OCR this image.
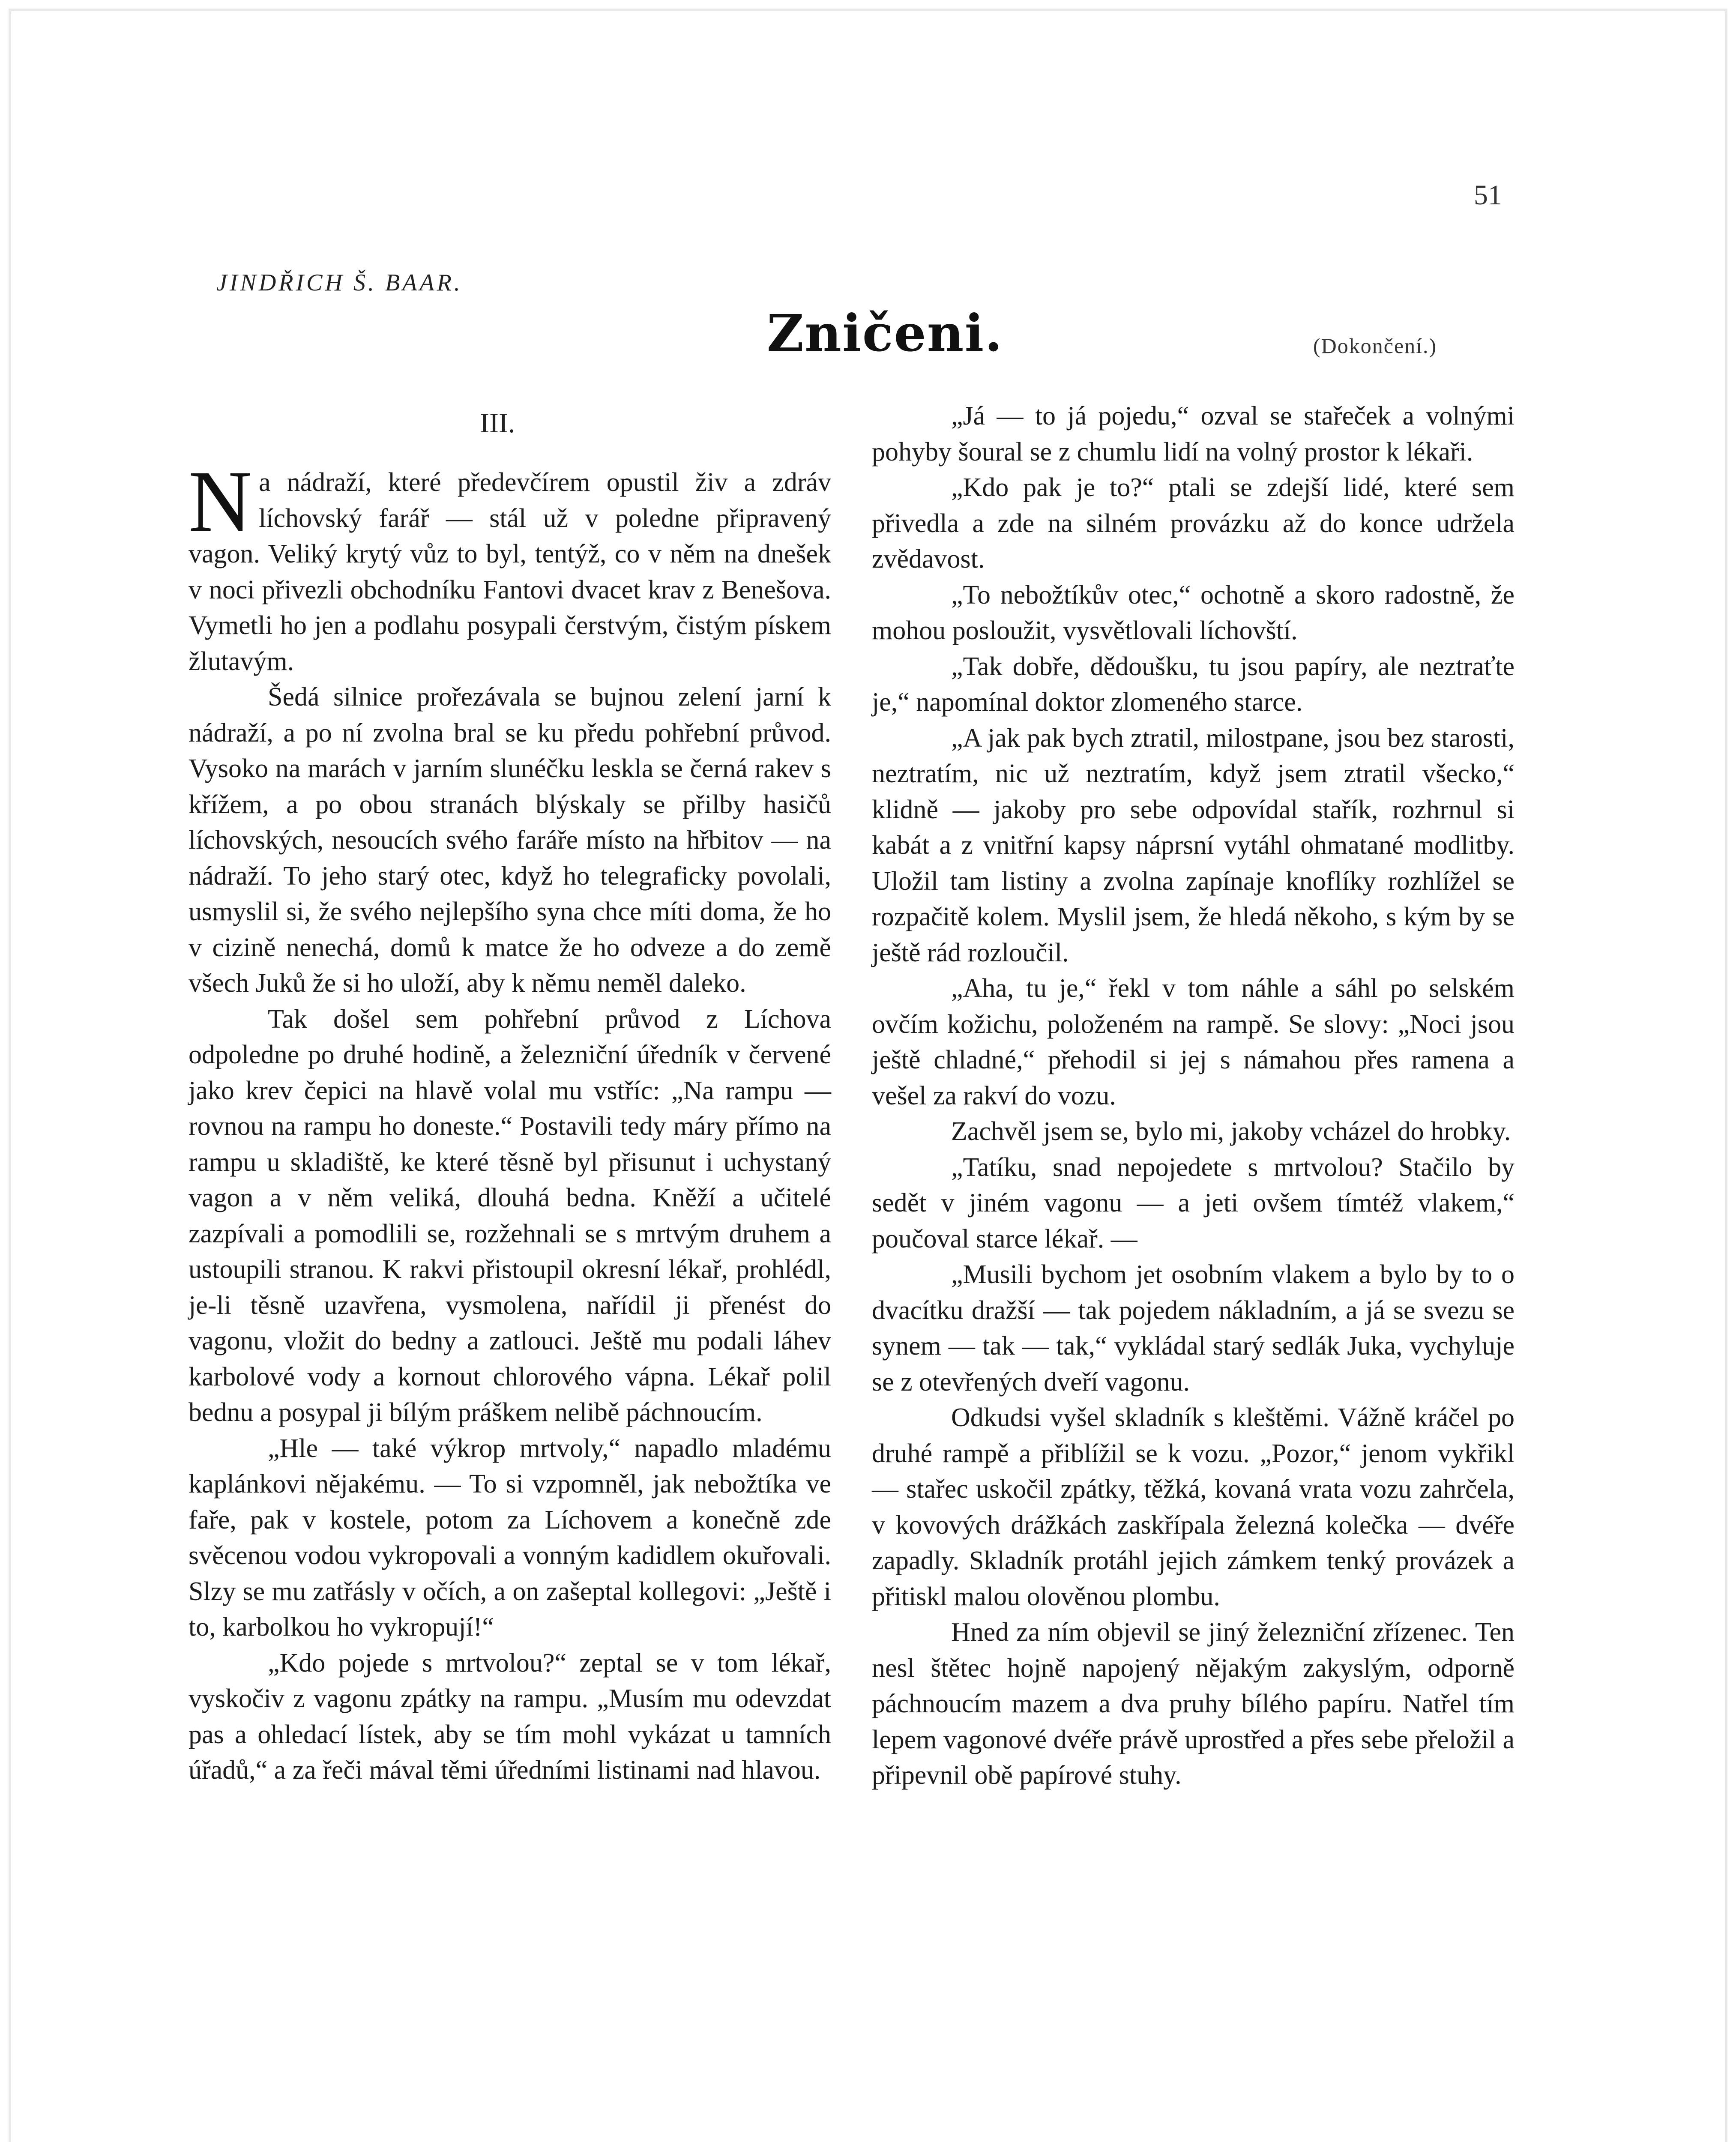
51
JINDŘICH Š. BAAR.
Zničeni.	(Dokončení.)
III.

Na nádraží, které předevčírem opustil živ a zdráv líchovský farář — stál už v poledne připravený vagon. Veliký krytý vůz to byl, tentýž, co v něm na dnešek v noci přivezli obchodníku Fantovi dvacet krav z Benešova. Vymetli ho jen a podlahu posypali čerstvým, čistým pískem žlutavým.

Šedá silnice prořezávala se bujnou zelení jarní k nádraží, a po ní zvolna bral se ku předu pohřební průvod. Vysoko na marách v jarním slunéčku leskla se černá rakev s křížem, a po obou stranách blýskaly se přilby hasičů líchovských, nesoucích svého faráře místo na hřbitov — na nádraží. To jeho starý otec, když ho telegraficky povolali, usmyslil si, že svého nejlepšího syna chce míti doma, že ho v cizině nenechá, domů k matce že ho odveze a do země všech Juků že si ho uloží, aby k němu neměl daleko.

Tak došel sem pohřební průvod z Líchova odpoledne po druhé hodině, a železniční úředník v červené jako krev čepici na hlavě volal mu vstříc: „Na rampu — rovnou na rampu ho doneste.“ Postavili tedy máry přímo na rampu u skladiště, ke které těsně byl přisunut i uchystaný vagon a v něm veliká, dlouhá bedna. Kněží a učitelé zazpívali a pomodlili se, rozžehnali se s mrtvým druhem a ustoupili stranou. K rakvi přistoupil okresní lékař, prohlédl, je-li těsně uzavřena, vysmolena, nařídil ji přenést do vagonu, vložit do bedny a zatlouci. Ještě mu podali láhev karbolové vody a kornout chlorového vápna. Lékař polil bednu a posypal ji bílým práškem nelibě páchnoucím.

„Hle — také výkrop mrtvoly,“ napadlo mladému kaplánkovi nějakému. — To si vzpomněl, jak nebožtíka ve faře, pak v kostele, potom za Líchovem a konečně zde svěcenou vodou vykropovali a vonným kadidlem okuřovali. Slzy se mu zatřásly v očích, a on zašeptal kollegovi: „Ještě i to, karbolkou ho vykropují!“

„Kdo pojede s mrtvolou?“ zeptal se v tom lékař, vyskočiv z vagonu zpátky na rampu. „Musím mu odevzdat pas a ohledací lístek, aby se tím mohl vykázat u tamních úřadů,“ a za řeči mával těmi úředními listinami nad hlavou.

„Já — to já pojedu,“ ozval se stařeček a volnými pohyby šoural se z chumlu lidí na volný prostor k lékaři.

„Kdo pak je to?“ ptali se zdejší lidé, které sem přivedla a zde na silném provázku až do konce udržela zvědavost.

„To nebožtíkův otec,“ ochotně a skoro radostně, že mohou posloužit, vysvětlovali líchovští.

„Tak dobře, dědoušku, tu jsou papíry, ale neztraťte je,“ napomínal doktor zlomeného starce.

„A jak pak bych ztratil, milostpane, jsou bez starosti, neztratím, nic už neztratím, když jsem ztratil všecko,“ klidně — jakoby pro sebe odpovídal stařík, rozhrnul si kabát a z vnitřní kapsy náprsní vytáhl ohmatané modlitby. Uložil tam listiny a zvolna zapínaje knoflíky rozhlížel se rozpačitě kolem. Myslil jsem, že hledá někoho, s kým by se ještě rád rozloučil.

„Aha, tu je,“ řekl v tom náhle a sáhl po selském ovčím kožichu, položeném na rampě. Se slovy: „Noci jsou ještě chladné,“ přehodil si jej s námahou přes ramena a vešel za rakví do vozu.

Zachvěl jsem se, bylo mi, jakoby vcházel do hrobky.

„Tatíku, snad nepojedete s mrtvolou? Stačilo by sedět v jiném vagonu — a jeti ovšem tímtéž vlakem,“ poučoval starce lékař. —

„Musili bychom jet osobním vlakem a bylo by to o dvacítku dražší — tak pojedem nákladním, a já se svezu se synem — tak — tak,“ vykládal starý sedlák Juka, vychyluje se z otevřených dveří vagonu.

Odkudsi vyšel skladník s kleštěmi. Vážně kráčel po druhé rampě a přiblížil se k vozu. „Pozor,“ jenom vykřikl — stařec uskočil zpátky, těžká, kovaná vrata vozu zahrčela, v kovových drážkách zaskřípala železná kolečka — dvéře zapadly. Skladník protáhl jejich zámkem tenký provázek a přitiskl malou olověnou plombu.

Hned za ním objevil se jiný železniční zřízenec. Ten nesl štětec hojně napojený nějakým zakyslým, odporně páchnoucím mazem a dva pruhy bílého papíru. Natřel tím lepem vagonové dvéře právě uprostřed a přes sebe přeložil a připevnil obě papírové stuhy.
